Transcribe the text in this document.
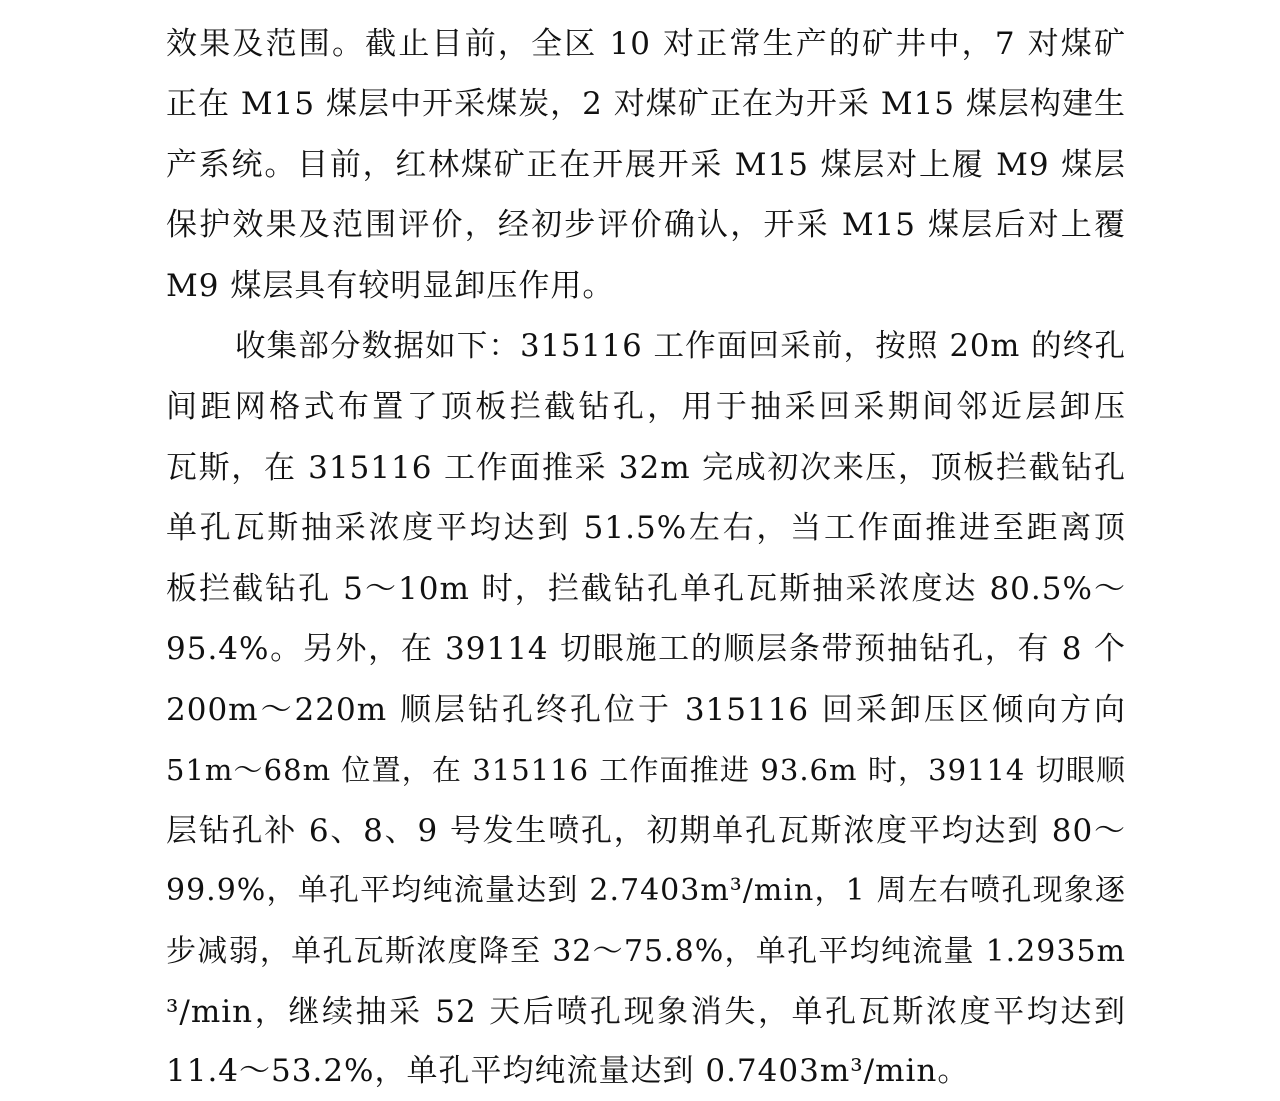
效果及范围。截止目前，全区 10 对正常生产的矿井中，7 对煤矿
正在 M15 煤层中开采煤炭，2 对煤矿正在为开采 M15 煤层构建生
产系统。目前，红林煤矿正在开展开采 M15 煤层对上履 M9 煤层
保护效果及范围评价，经初步评价确认，开采 M15 煤层后对上覆
M9 煤层具有较明显卸压作用。
收集部分数据如下：315116 工作面回采前，按照 20m 的终孔
间距网格式布置了顶板拦截钻孔，用于抽采回采期间邻近层卸压
瓦斯，在 315116 工作面推采 32m 完成初次来压，顶板拦截钻孔
单孔瓦斯抽采浓度平均达到 51.5%左右，当工作面推进至距离顶
板拦截钻孔 5～10m 时，拦截钻孔单孔瓦斯抽采浓度达 80.5%～
95.4%。另外，在 39114 切眼施工的顺层条带预抽钻孔，有 8 个
200m～220m 顺层钻孔终孔位于 315116 回采卸压区倾向方向
51m～68m 位置，在 315116 工作面推进 93.6m 时，39114 切眼顺
层钻孔补 6、8、9 号发生喷孔，初期单孔瓦斯浓度平均达到 80～
99.9%，单孔平均纯流量达到 2.7403m³/min，1 周左右喷孔现象逐
步减弱，单孔瓦斯浓度降至 32～75.8%，单孔平均纯流量 1.2935m
³/min，继续抽采 52 天后喷孔现象消失，单孔瓦斯浓度平均达到
11.4～53.2%，单孔平均纯流量达到 0.7403m³/min。
